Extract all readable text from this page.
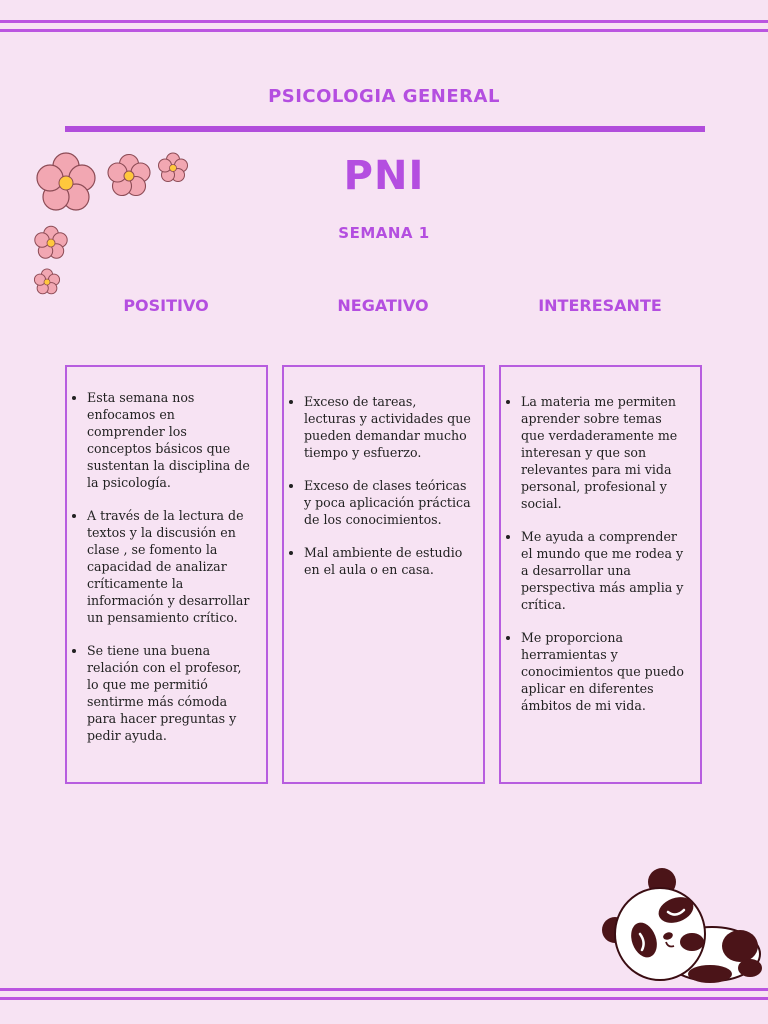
PSICOLOGIA GENERAL
PNI
SEMANA 1
POSITIVO	NEGATIVO	INTERESANTE
• Esta semana nos enfocamos en comprender los conceptos básicos que sustentan la disciplina de la psicología.
• A través de la lectura de textos y la discusión en clase , se fomento la capacidad de analizar críticamente la información y desarrollar un pensamiento crítico.
• Se tiene una buena relación con el profesor, lo que me permitió sentirme más cómoda para hacer preguntas y pedir ayuda.
• Exceso de tareas, lecturas y actividades que pueden demandar mucho tiempo y esfuerzo.
• Exceso de clases teóricas y poca aplicación práctica de los conocimientos.
• Mal ambiente de estudio en el aula o en casa.
• La materia me permiten aprender sobre temas que verdaderamente me interesan y que son relevantes para mi vida personal, profesional y social.
• Me ayuda a comprender el mundo que me rodea y a desarrollar una perspectiva más amplia y crítica.
• Me proporciona herramientas y conocimientos que puedo aplicar en diferentes ámbitos de mi vida.
